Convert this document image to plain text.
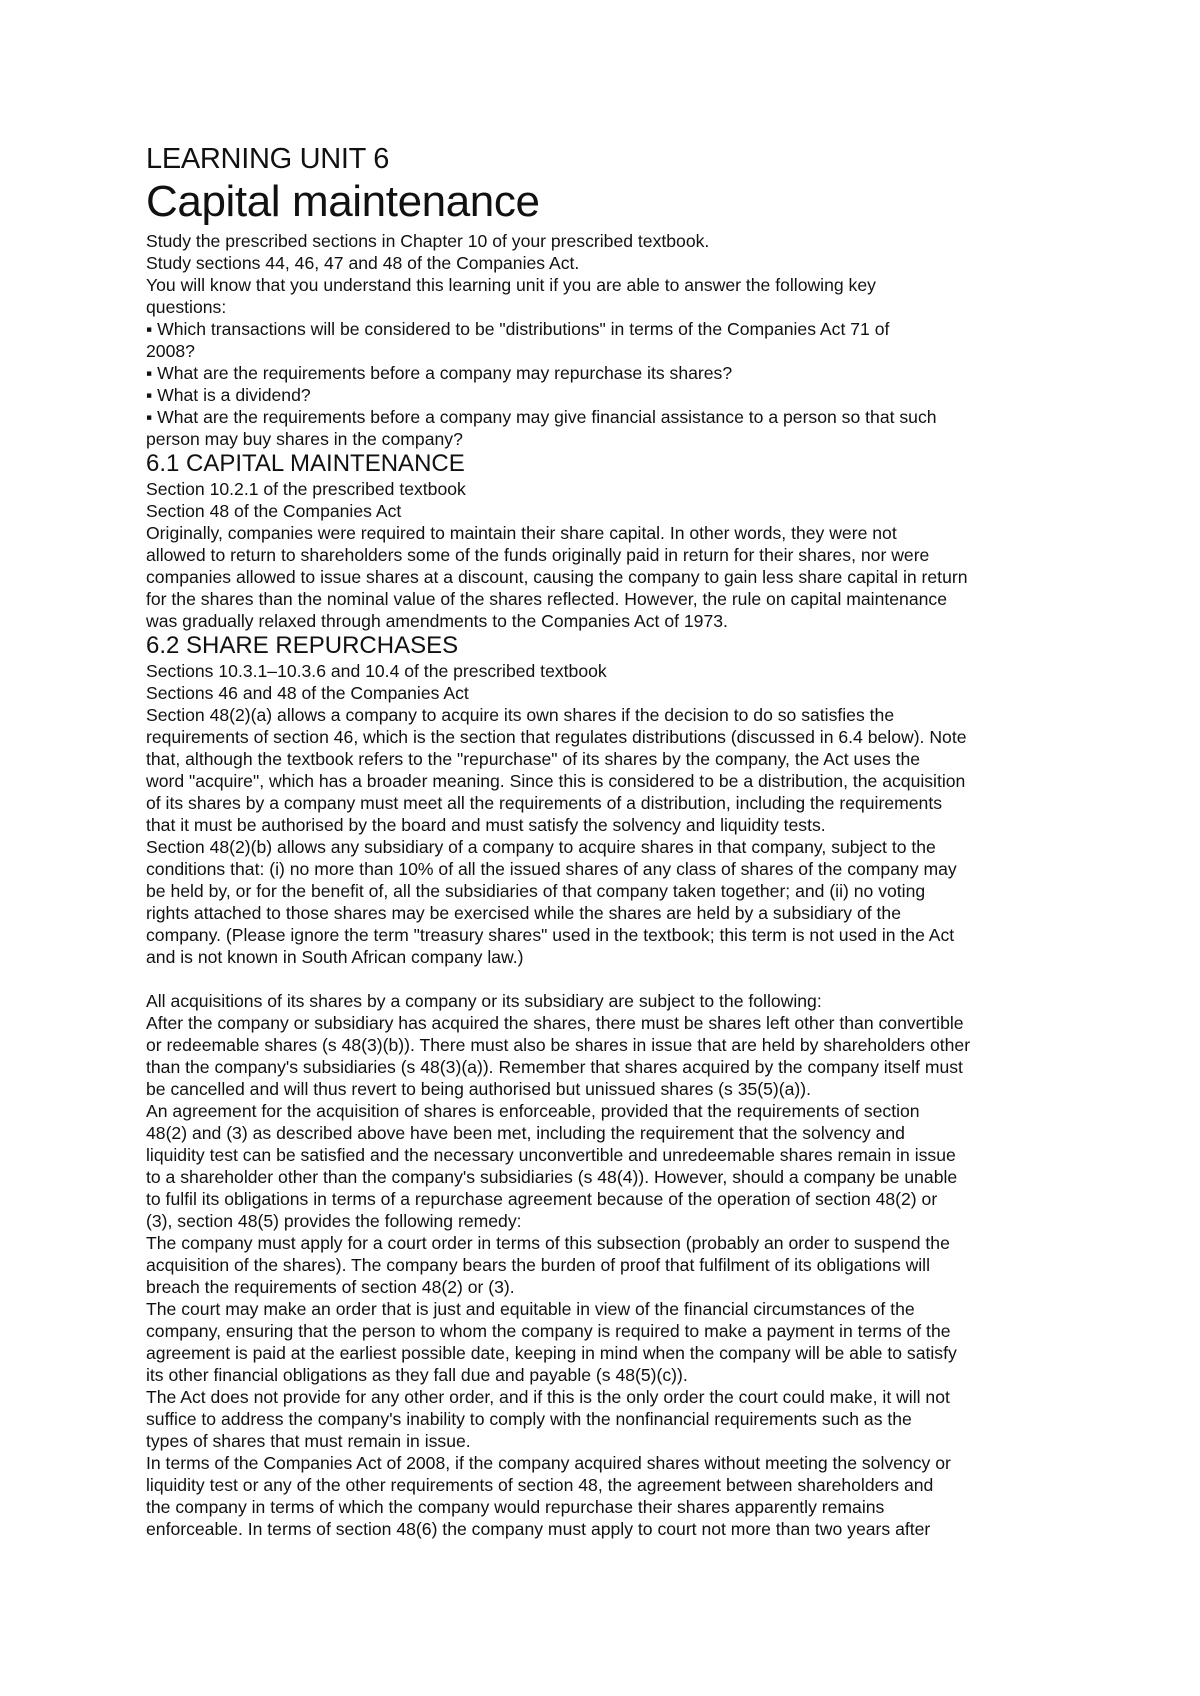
LEARNING UNIT 6
Capital maintenance

Study the prescribed sections in Chapter 10 of your prescribed textbook.

Study sections 44, 46, 47 and 48 of the Companies Act.

You will know that you understand this learning unit if you are able to answer the following key

questions:

▪ Which transactions will be considered to be "distributions" in terms of the Companies Act 71 of

2008?

▪ What are the requirements before a company may repurchase its shares?

▪ What is a dividend?

▪ What are the requirements before a company may give financial assistance to a person so that such

person may buy shares in the company?

6.1 CAPITAL MAINTENANCE

Section 10.2.1 of the prescribed textbook

Section 48 of the Companies Act

Originally, companies were required to maintain their share capital. In other words, they were not

allowed to return to shareholders some of the funds originally paid in return for their shares, nor were

companies allowed to issue shares at a discount, causing the company to gain less share capital in return

for the shares than the nominal value of the shares reflected. However, the rule on capital maintenance

was gradually relaxed through amendments to the Companies Act of 1973.

6.2 SHARE REPURCHASES

Sections 10.3.1–10.3.6 and 10.4 of the prescribed textbook

Sections 46 and 48 of the Companies Act

Section 48(2)(a) allows a company to acquire its own shares if the decision to do so satisfies the

requirements of section 46, which is the section that regulates distributions (discussed in 6.4 below). Note

that, although the textbook refers to the "repurchase" of its shares by the company, the Act uses the

word "acquire", which has a broader meaning. Since this is considered to be a distribution, the acquisition

of its shares by a company must meet all the requirements of a distribution, including the requirements

that it must be authorised by the board and must satisfy the solvency and liquidity tests.

Section 48(2)(b) allows any subsidiary of a company to acquire shares in that company, subject to the

conditions that: (i) no more than 10% of all the issued shares of any class of shares of the company may

be held by, or for the benefit of, all the subsidiaries of that company taken together; and (ii) no voting

rights attached to those shares may be exercised while the shares are held by a subsidiary of the

company. (Please ignore the term "treasury shares" used in the textbook; this term is not used in the Act

and is not known in South African company law.)

All acquisitions of its shares by a company or its subsidiary are subject to the following:

After the company or subsidiary has acquired the shares, there must be shares left other than convertible

or redeemable shares (s 48(3)(b)). There must also be shares in issue that are held by shareholders other

than the company's subsidiaries (s 48(3)(a)). Remember that shares acquired by the company itself must

be cancelled and will thus revert to being authorised but unissued shares (s 35(5)(a)).

An agreement for the acquisition of shares is enforceable, provided that the requirements of section

48(2) and (3) as described above have been met, including the requirement that the solvency and

liquidity test can be satisfied and the necessary unconvertible and unredeemable shares remain in issue

to a shareholder other than the company's subsidiaries (s 48(4)). However, should a company be unable

to fulfil its obligations in terms of a repurchase agreement because of the operation of section 48(2) or

(3), section 48(5) provides the following remedy:

The company must apply for a court order in terms of this subsection (probably an order to suspend the

acquisition of the shares). The company bears the burden of proof that fulfilment of its obligations will

breach the requirements of section 48(2) or (3).

The court may make an order that is just and equitable in view of the financial circumstances of the

company, ensuring that the person to whom the company is required to make a payment in terms of the

agreement is paid at the earliest possible date, keeping in mind when the company will be able to satisfy

its other financial obligations as they fall due and payable (s 48(5)(c)).

The Act does not provide for any other order, and if this is the only order the court could make, it will not

suffice to address the company's inability to comply with the nonfinancial requirements such as the

types of shares that must remain in issue.

In terms of the Companies Act of 2008, if the company acquired shares without meeting the solvency or

liquidity test or any of the other requirements of section 48, the agreement between shareholders and

the company in terms of which the company would repurchase their shares apparently remains

enforceable. In terms of section 48(6) the company must apply to court not more than two years after
